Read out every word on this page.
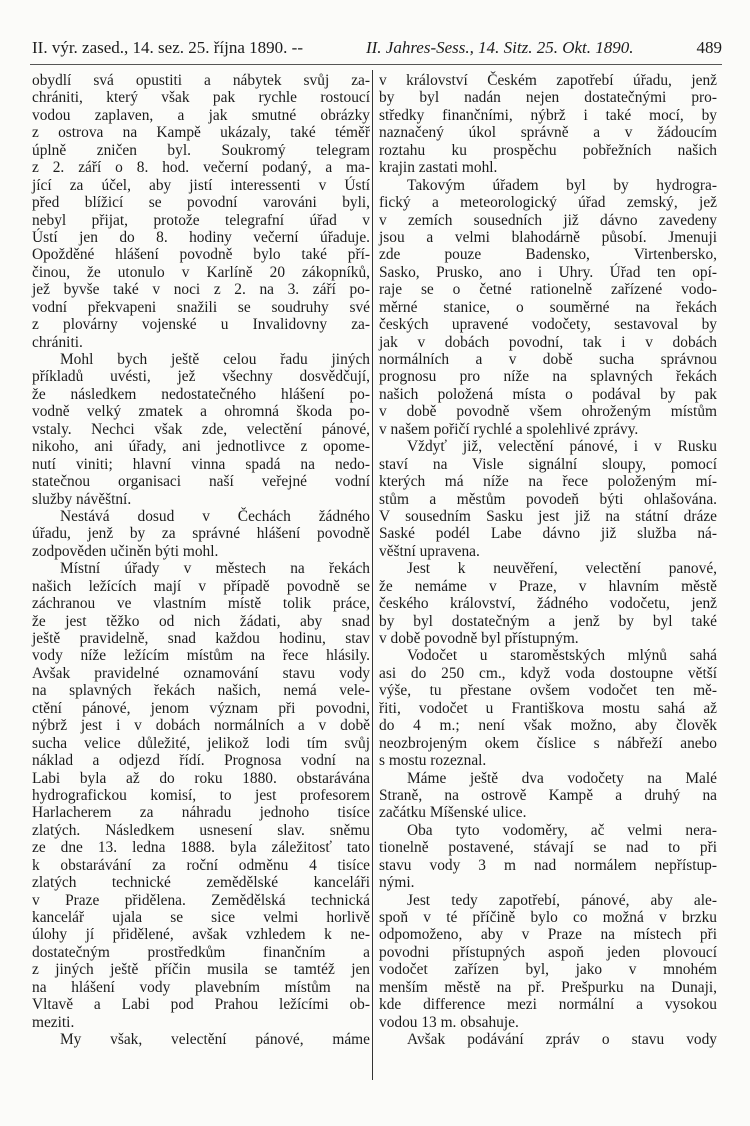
II. výr. zased., 14. sez. 25. října 1890. --	II. Jahres-Sess., 14. Sitz. 25. Okt. 1890.	489
obydlí svá opustiti a nábytek svůj za-
chrániti, který však pak rychle rostoucí
vodou zaplaven, a jak smutné obrázky
z ostrova na Kampě ukázaly, také téměř
úplně zničen byl. Soukromý telegram
z 2. září o 8. hod. večerní podaný, a ma-
jící za účel, aby jistí interessenti v Ústí
před blížicí se povodní varováni byli,
nebyl přijat, protože telegrafní úřad v
Ústí jen do 8. hodiny večerní úřaduje.
Opožděné hlášení povodně bylo také pří-
činou, že utonulo v Karlíně 20 zákopníků,
jež byvše také v noci z 2. na 3. září po-
vodní překvapeni snažili se soudruhy své
z plovárny vojenské u Invalidovny za-
chrániti.
Mohl bych ještě celou řadu jiných
příkladů uvésti, jež všechny dosvědčují,
že následkem nedostatečného hlášení po-
vodně velký zmatek a ohromná škoda po-
vstaly. Nechci však zde, velectění pánové,
nikoho, ani úřady, ani jednotlivce z opome-
nutí viniti; hlavní vinna spadá na nedo-
statečnou organisaci naší veřejné vodní
služby návěštní.
Nestává dosud v Čechách žádného
úřadu, jenž by za správné hlášení povodně
zodpověden učiněn býti mohl.
Místní úřady v městech na řekách
našich ležících mají v případě povodně se
záchranou ve vlastním místě tolik práce,
že jest těžko od nich žádati, aby snad
ještě pravidelně, snad každou hodinu, stav
vody níže ležícím místům na řece hlásily.
Avšak pravidelné oznamování stavu vody
na splavných řekách našich, nemá vele-
ctění pánové, jenom význam při povodni,
nýbrž jest i v dobách normálních a v době
sucha velice důležité, jelikož lodi tím svůj
náklad a odjezd řídí. Prognosa vodní na
Labi byla až do roku 1880. obstarávána
hydrografickou komisí, to jest profesorem
Harlacherem za náhradu jednoho tisíce
zlatých. Následkem usnesení slav. sněmu
ze dne 13. ledna 1888. byla záležitosť tato
k obstarávání za roční odměnu 4 tisíce
zlatých technické zemědělské kanceláři
v Praze přidělena. Zemědělská technická
kancelář ujala se sice velmi horlivě
úlohy jí přidělené, avšak vzhledem k ne-
dostatečným prostředkům finančním a
z jiných ještě příčin musila se tamtéž jen
na hlášení vody plavebním místům na
Vltavě a Labi pod Prahou ležícími ob-
meziti.
My však, velectění pánové, máme
v království Českém zapotřebí úřadu, jenž
by byl nadán nejen dostatečnými pro-
středky finančními, nýbrž i také mocí, by
naznačený úkol správně a v žádoucím
roztahu ku prospěchu pobřežních našich
krajin zastati mohl.
Takovým úřadem byl by hydrogra-
fický a meteorologický úřad zemský, jež
v zemích sousedních již dávno zavedeny
jsou a velmi blahodárně působí. Jmenuji
zde pouze Badensko, Virtenbersko,
Sasko, Prusko, ano i Uhry. Úřad ten opí-
raje se o četné rationelně zařízené vodo-
měrné stanice, o souměrné na řekách
českých upravené vodočety, sestavoval by
jak v dobách povodní, tak i v dobách
normálních a v době sucha správnou
prognosu pro níže na splavných řekách
našich položená místa o podával by pak
v době povodně všem ohroženým místům
v našem pořičí rychlé a spolehlivé zprávy.
Vždyť již, velectění pánové, i v Rusku
staví na Visle signální sloupy, pomocí
kterých má níže na řece položeným mí-
stům a městům povodeň býti ohlašována.
V sousedním Sasku jest již na státní dráze
Saské podél Labe dávno již služba ná-
věštní upravena.
Jest k neuvěření, velectění panové,
že nemáme v Praze, v hlavním městě
českého království, žádného vodočetu, jenž
by byl dostatečným a jenž by byl také
v době povodně byl přístupným.
Vodočet u staroměstských mlýnů sahá
asi do 250 cm., když voda dostoupne větší
výše, tu přestane ovšem vodočet ten mě-
řiti, vodočet u Františkova mostu sahá až
do 4 m.; není však možno, aby člověk
neozbrojeným okem číslice s nábřeží anebo
s mostu rozeznal.
Máme ještě dva vodočety na Malé
Straně, na ostrově Kampě a druhý na
začátku Míšenské ulice.
Oba tyto vodoměry, ač velmi nera-
tionelně postavené, stávají se nad to při
stavu vody 3 m nad normálem nepřístup-
nými.
Jest tedy zapotřebí, pánové, aby ale-
spoň v té příčině bylo co možná v brzku
odpomoženo, aby v Praze na místech při
povodni přístupných aspoň jeden plovoucí
vodočet zařízen byl, jako v mnohém
menším městě na př. Prešpurku na Dunaji,
kde difference mezi normální a vysokou
vodou 13 m. obsahuje.
Avšak podávání zpráv o stavu vody
